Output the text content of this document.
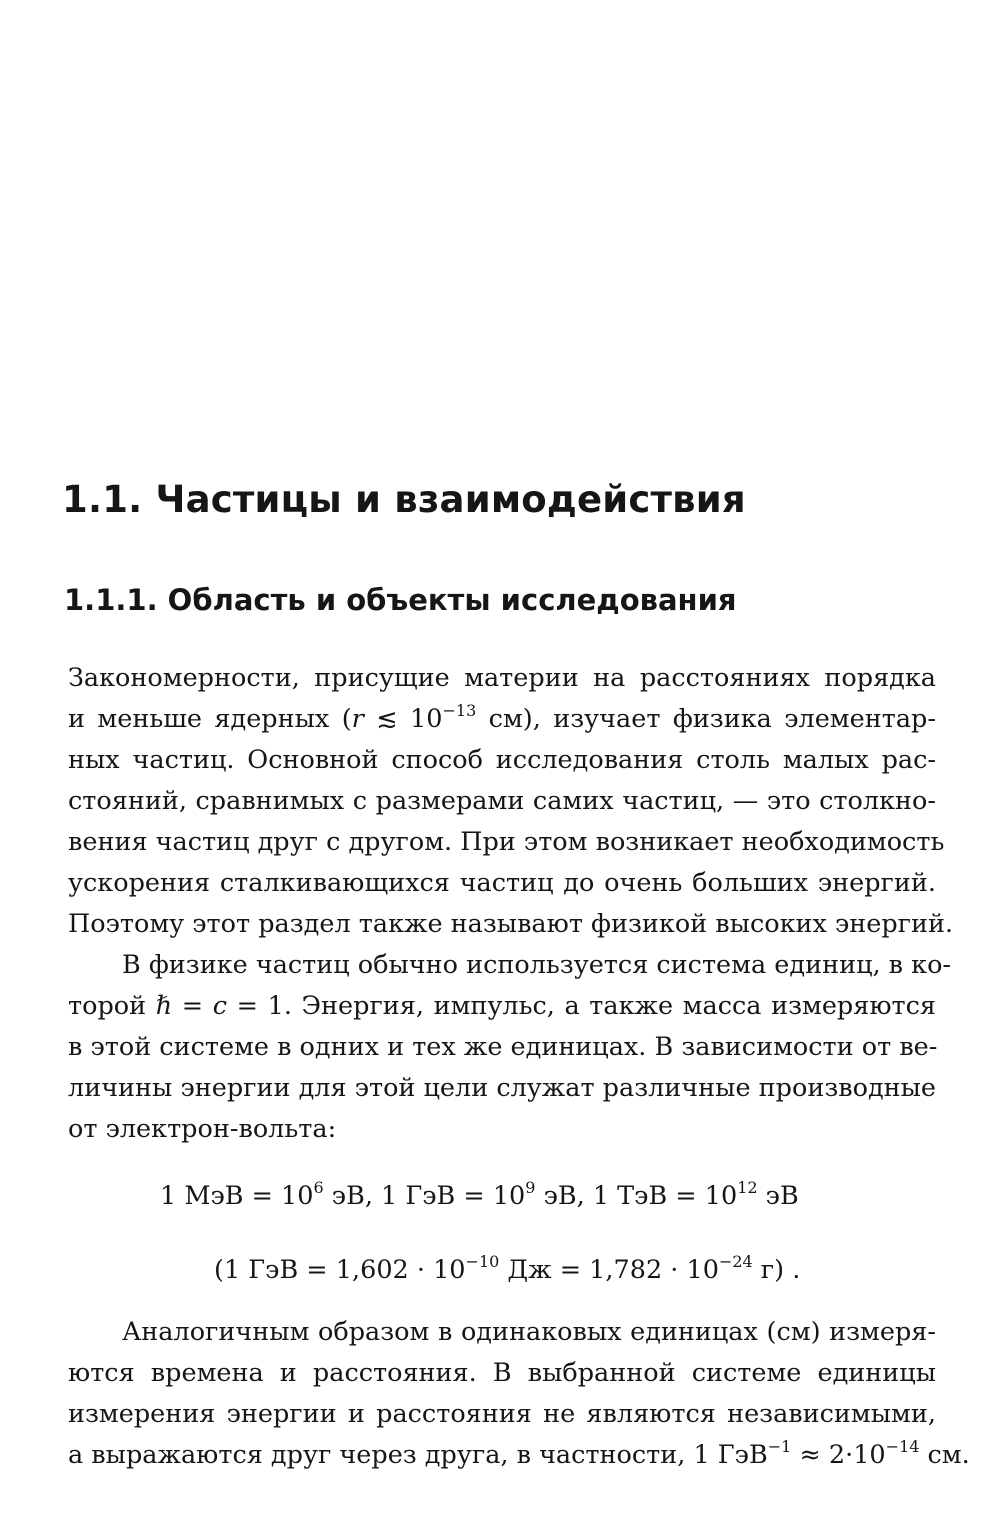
1.1. Частицы и взаимодействия
1.1.1. Область и объекты исследования
Закономерности, присущие материи на расстояниях порядка
и меньше ядерных (r ≲ $10^{-13}$ см), изучает физика элементар-
ных частиц. Основной способ исследования столь малых рас-
стояний, сравнимых с размерами самих частиц, — это столкно-
вения частиц друг с другом. При этом возникает необходимость
ускорения сталкивающихся частиц до очень больших энергий.
Поэтому этот раздел также называют физикой высоких энергий.
В физике частиц обычно используется система единиц, в ко-
торой ℏ = c = 1. Энергия, импульс, а также масса измеряются
в этой системе в одних и тех же единицах. В зависимости от ве-
личины энергии для этой цели служат различные производные
от электрон-вольта:
1 МэВ = $10^6$ эВ, 1 ГэВ = $10^9$ эВ, 1 ТэВ = $10^{12}$ эВ
(1 ГэВ = $1,602 \cdot 10^{-10}$ Дж = $1,782 \cdot 10^{-24}$ г) .
Аналогичным образом в одинаковых единицах (см) измеря-
ются времена и расстояния. В выбранной системе единицы
измерения энергии и расстояния не являются независимыми,
а выражаются друг через друга, в частности, 1 $ГэВ^{-1} \approx 2\cdot 10^{-14}$ см.
